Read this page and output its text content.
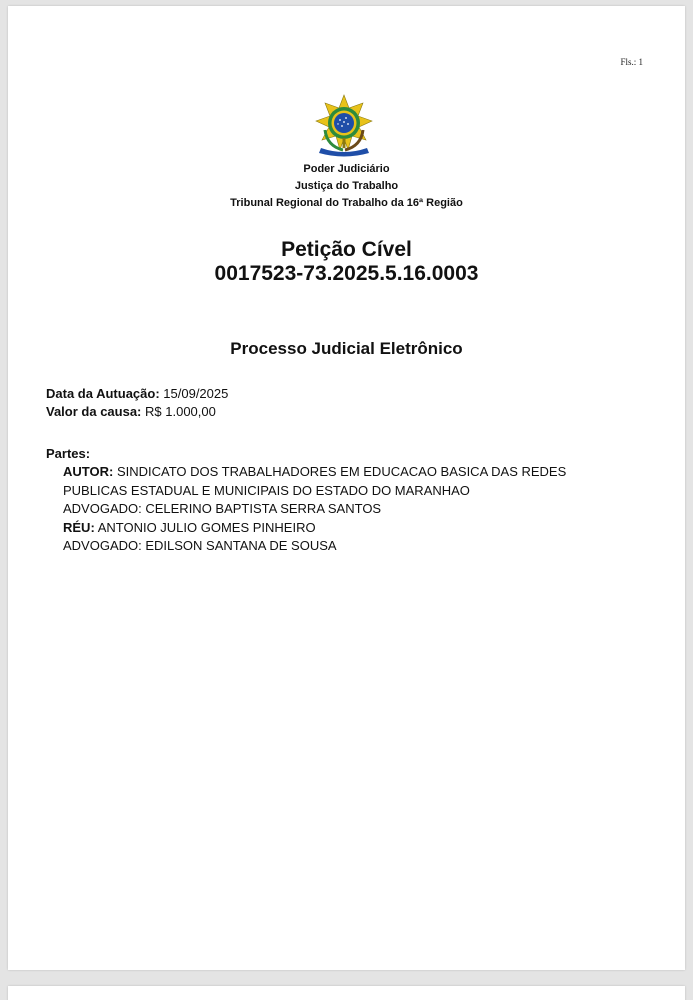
Fls.: 1
Poder Judiciário
Justiça do Trabalho
Tribunal Regional do Trabalho da 16ª Região
Petição Cível
0017523-73.2025.5.16.0003
Processo Judicial Eletrônico
Data da Autuação: 15/09/2025
Valor da causa: R$ 1.000,00
Partes:
AUTOR: SINDICATO DOS TRABALHADORES EM EDUCACAO BASICA DAS REDES
PUBLICAS ESTADUAL E MUNICIPAIS DO ESTADO DO MARANHAO
ADVOGADO: CELERINO BAPTISTA SERRA SANTOS
RÉU: ANTONIO JULIO GOMES PINHEIRO
ADVOGADO: EDILSON SANTANA DE SOUSA
